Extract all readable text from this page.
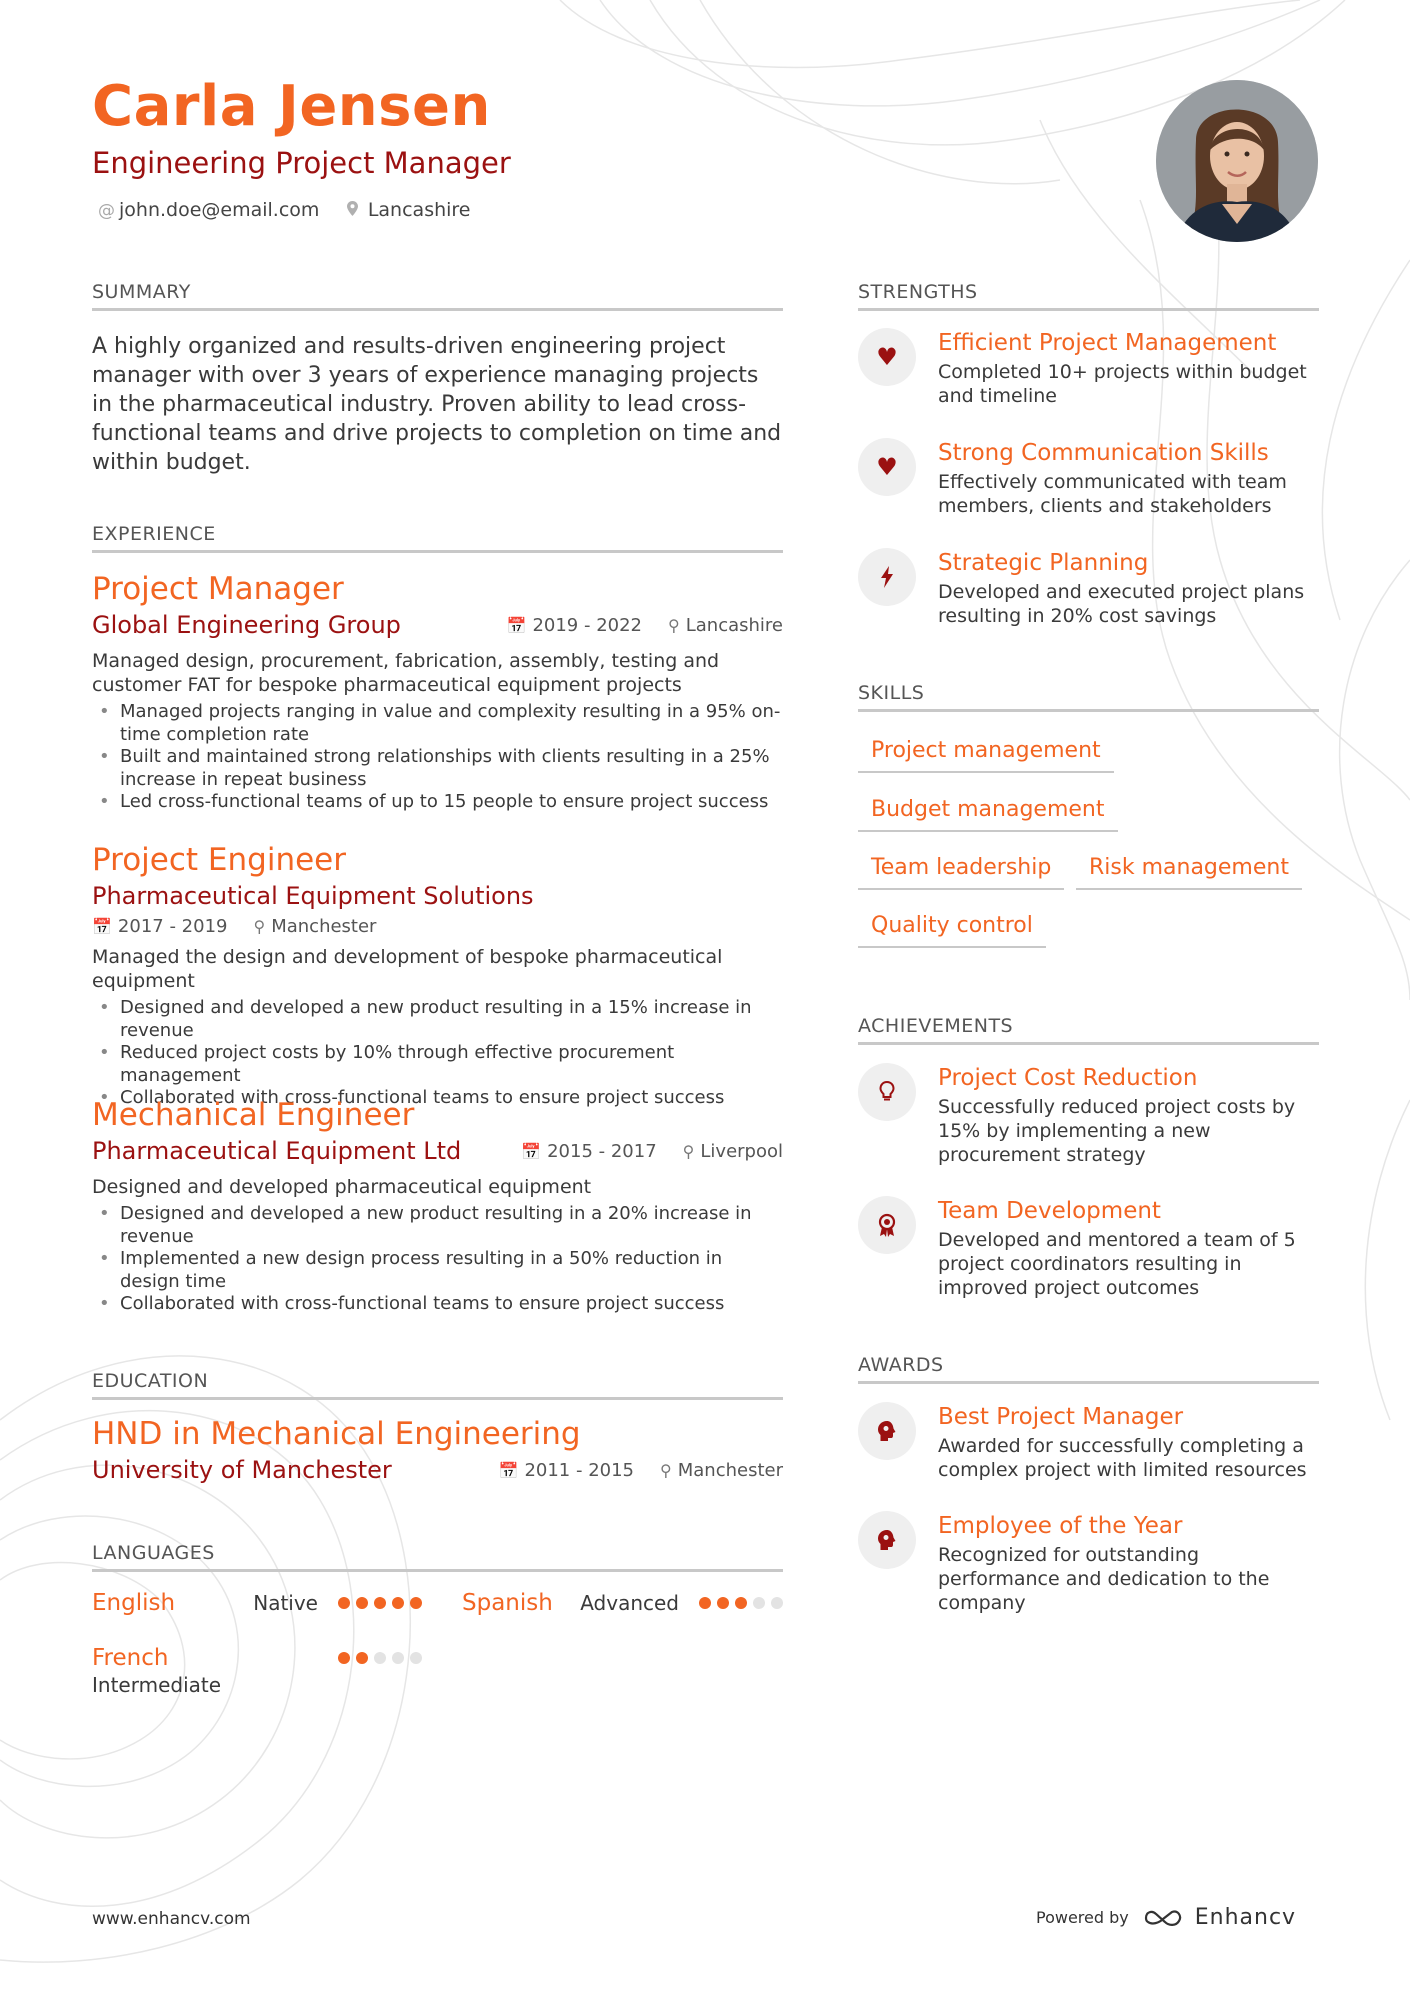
Carla Jensen
Engineering Project Manager
@ john.doe@email.com	Lancashire
SUMMARY
A highly organized and results-driven engineering project manager with over 3 years of experience managing projects in the pharmaceutical industry. Proven ability to lead cross-functional teams and drive projects to completion on time and within budget.
EXPERIENCE
Project Manager
Global Engineering Group	📅 2019 - 2022 ⚲ Lancashire
Managed design, procurement, fabrication, assembly, testing and customer FAT for bespoke pharmaceutical equipment projects
• Managed projects ranging in value and complexity resulting in a 95% on-time completion rate
• Built and maintained strong relationships with clients resulting in a 25% increase in repeat business
• Led cross-functional teams of up to 15 people to ensure project success
Project Engineer
Pharmaceutical Equipment Solutions
📅 2017 - 2019 ⚲ Manchester
Managed the design and development of bespoke pharmaceutical equipment
• Designed and developed a new product resulting in a 15% increase in revenue
• Reduced project costs by 10% through effective procurement management
• Collaborated with cross-functional teams to ensure project success
Mechanical Engineer
Pharmaceutical Equipment Ltd	📅 2015 - 2017 ⚲ Liverpool
Designed and developed pharmaceutical equipment
• Designed and developed a new product resulting in a 20% increase in revenue
• Implemented a new design process resulting in a 50% reduction in design time
• Collaborated with cross-functional teams to ensure project success
EDUCATION
HND in Mechanical Engineering
University of Manchester	📅 2011 - 2015 ⚲ Manchester
LANGUAGES
English	Native	Spanish Advanced
French
Intermediate
STRENGTHS
♥	Efficient Project Management
Completed 10+ projects within budget and timeline
♥	Strong Communication Skills
Effectively communicated with team members, clients and stakeholders
Strategic Planning
Developed and executed project plans resulting in 20% cost savings
SKILLS
Project management
Budget management
Team leadership	Risk management
Quality control
ACHIEVEMENTS
Project Cost Reduction
Successfully reduced project costs by 15% by implementing a new procurement strategy
Team Development
Developed and mentored a team of 5 project coordinators resulting in improved project outcomes
AWARDS
Best Project Manager
Awarded for successfully completing a complex project with limited resources
Employee of the Year
Recognized for outstanding performance and dedication to the company
www.enhancv.com	Powered by	Enhancv
